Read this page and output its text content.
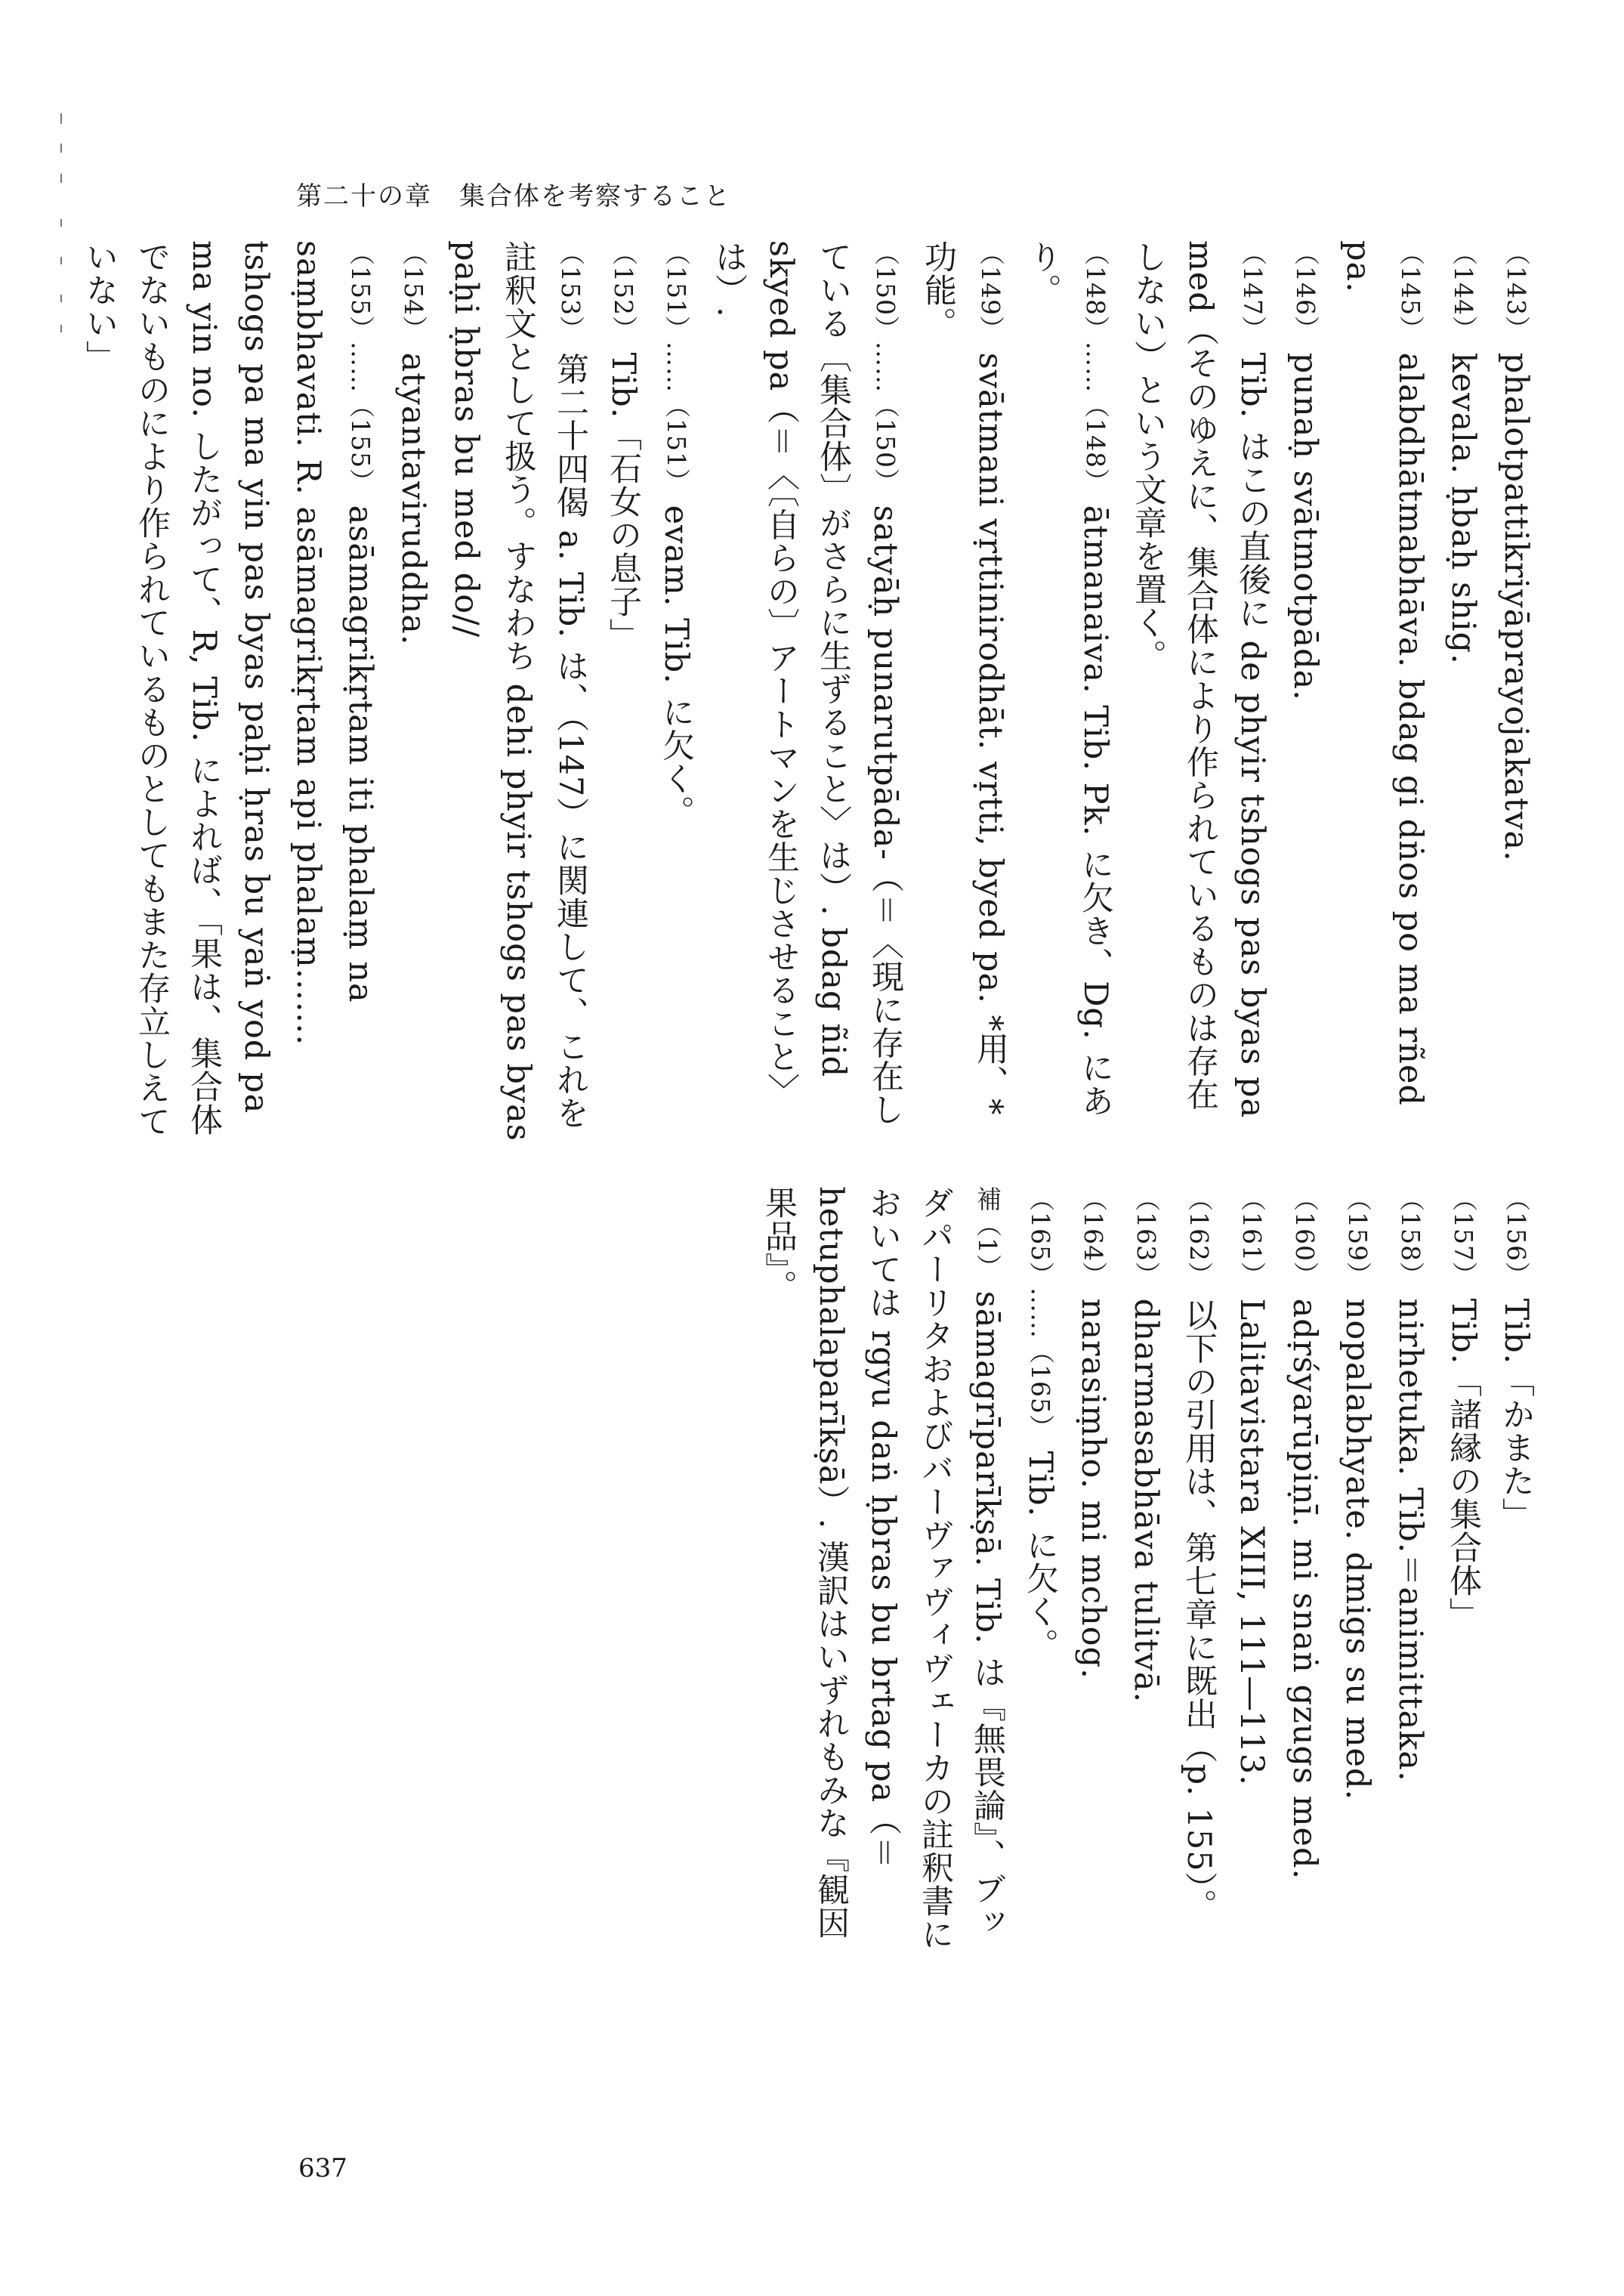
第二十の章　集合体を考察すること

（143） phalotpattikriyāprayojakatva.

（144） kevala. ḥbaḥ shig.

（145） alabdhātmabhāva. bdag gi dṅos po ma rñed pa.

（146） punaḥ svātmotpāda.

（147） Tib. はこの直後に de phyir tshogs pas byas pa med（そのゆえに、集合体により作られているものは存在しない）という文章を置く。

（148）……（148） ātmanaiva. Tib. Pk. に欠き、Dg. にあり。

（149） svātmani vṛttinirodhāt. vṛtti, byed pa. *用、*功能。

（150）……（150） satyāḥ punarutpāda-（＝〈現に存在している〔集合体〕がさらに生ずること〉は）. bdag ñid skyed pa（＝〈〔自らの〕アートマンを生じさせること〉は）.

（151）……（151） evam. Tib. に欠く。

（152） Tib.「石女の息子」

（153） 第二十四偈 a. Tib. は、（147）に関連して、これを註釈文として扱う。すなわち dehi phyir tshogs pas byas paḥi ḥbras bu med do//

（154） atyantaviruddha.

（155）……（155） asāmagrikṛtam iti phalaṃ na saṃbhavati. R. asāmagrikṛtam api phalaṃ……. tshogs pa ma yin pas byas paḥi ḥras bu yaṅ yod pa ma yin no. したがって、R, Tib. によれば、「果は、集合体でないものにより作られているものとしてもまた存立しえていない」

（156） Tib.「かまた」

（157） Tib.「諸縁の集合体」

（158） nirhetuka. Tib.＝animittaka.

（159） nopalabhyate. dmigs su med.

（160） adṛśyarūpiṇī. mi snaṅ gzugs med.

（161） Lalitavistara XIII, 111―113.

（162） 以下の引用は、第七章に既出（p. 155）。

（163） dharmasabhāva tulitvā.

（164） narasiṃho. mi mchog.

（165）……（165） Tib. に欠く。

補（1） sāmagrīparīkṣā. Tib. は『無畏論』、ブッダパーリタおよびバーヴァヴィヴェーカの註釈書においては rgyu daṅ ḥbras bu brtag pa（＝hetuphalaparīkṣā）. 漢訳はいずれもみな『観因果品』。

637
